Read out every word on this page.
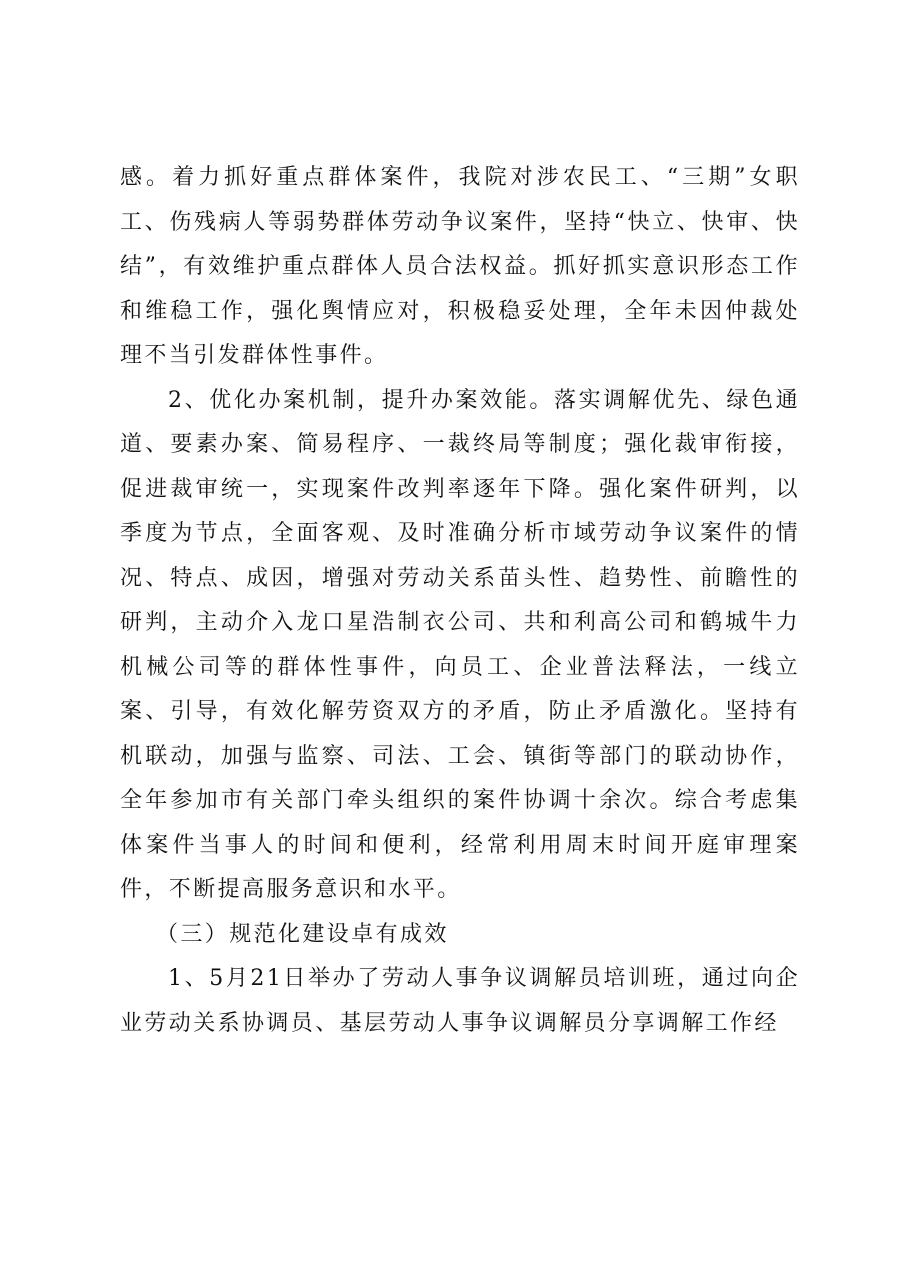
感。着力抓好重点群体案件，我院对涉农民工、“三期”女职工、伤残病人等弱势群体劳动争议案件，坚持“快立、快审、快结”，有效维护重点群体人员合法权益。抓好抓实意识形态工作和维稳工作，强化舆情应对，积极稳妥处理，全年未因仲裁处理不当引发群体性事件。

2、优化办案机制，提升办案效能。落实调解优先、绿色通道、要素办案、简易程序、一裁终局等制度；强化裁审衔接，促进裁审统一，实现案件改判率逐年下降。强化案件研判，以季度为节点，全面客观、及时准确分析市域劳动争议案件的情况、特点、成因，增强对劳动关系苗头性、趋势性、前瞻性的研判，主动介入龙口星浩制衣公司、共和利高公司和鹤城牛力机械公司等的群体性事件，向员工、企业普法释法，一线立案、引导，有效化解劳资双方的矛盾，防止矛盾激化。坚持有机联动，加强与监察、司法、工会、镇街等部门的联动协作，全年参加市有关部门牵头组织的案件协调十余次。综合考虑集体案件当事人的时间和便利，经常利用周末时间开庭审理案件，不断提高服务意识和水平。

（三）规范化建设卓有成效

1、5月21日举办了劳动人事争议调解员培训班，通过向企业劳动关系协调员、基层劳动人事争议调解员分享调解工作经
